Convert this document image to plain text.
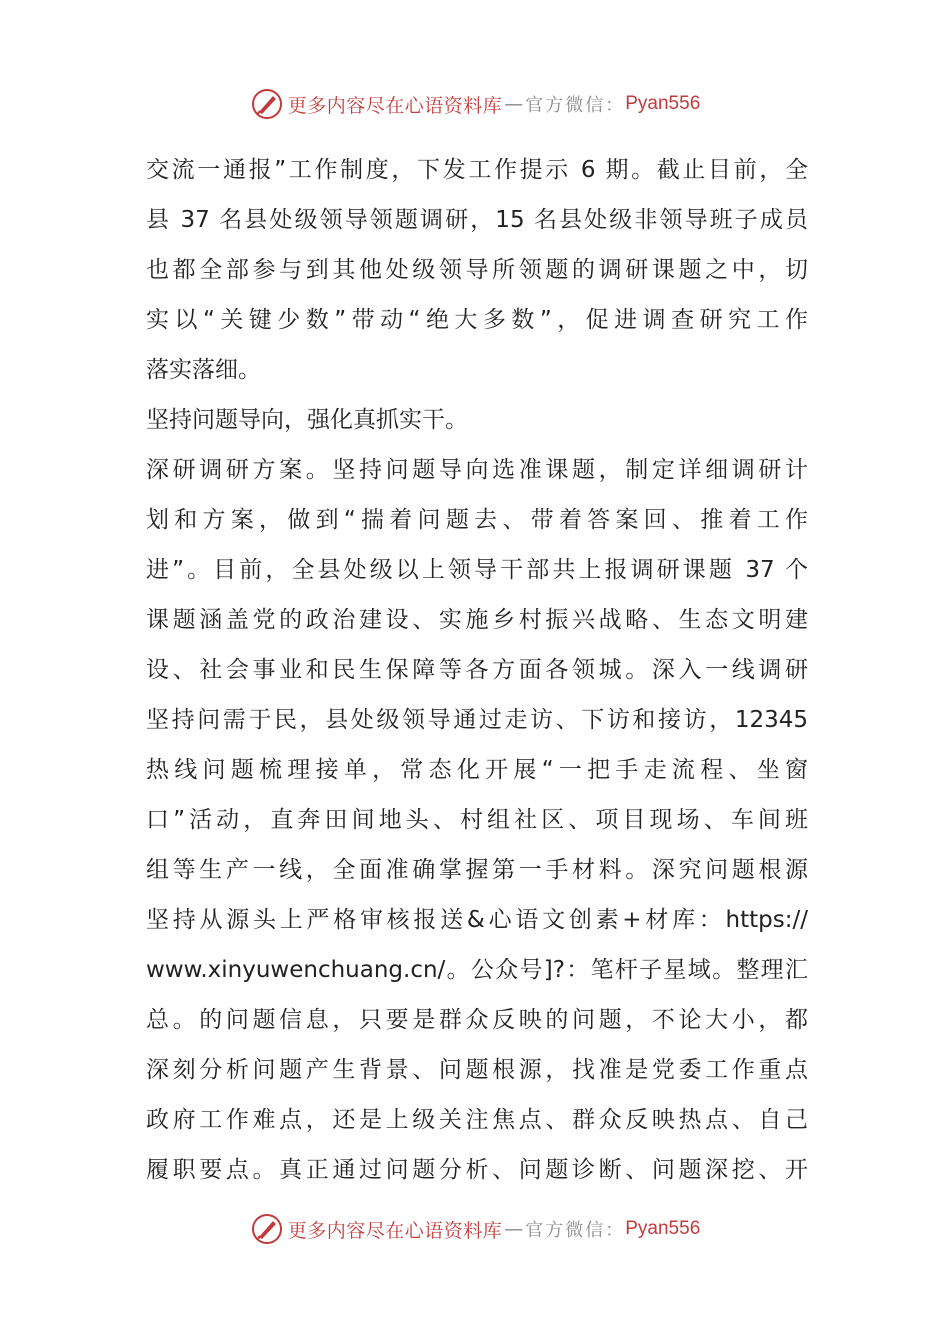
更多内容尽在心语资料库 — 官方微信： Pyan556
交流一通报”工作制度，下发工作提示 6 期。截止目前，全
县 37 名县处级领导领题调研，15 名县处级非领导班子成员
也都全部参与到其他处级领导所领题的调研课题之中，切
实以“关键少数”带动“绝大多数”，促进调查研究工作
落实落细。
坚持问题导向，强化真抓实干。
深研调研方案。坚持问题导向选准课题，制定详细调研计
划和方案，做到“揣着问题去、带着答案回、推着工作
进”。目前，全县处级以上领导干部共上报调研课题 37 个
课题涵盖党的政治建设、实施乡村振兴战略、生态文明建
设、社会事业和民生保障等各方面各领城。深入一线调研
坚持问需于民，县处级领导通过走访、下访和接访，12345
热线问题梳理接单，常态化开展“一把手走流程、坐窗
口”活动，直奔田间地头、村组社区、项目现场、车间班
组等生产一线，全面准确掌握第一手材料。深究问题根源
坚持从源头上严格审核报送&心语文创素+材库：https://
www.xinyuwenchuang.cn/。公众号]?：笔杆子星域。整理汇
总。的问题信息，只要是群众反映的问题，不论大小，都
深刻分析问题产生背景、问题根源，找准是党委工作重点
政府工作难点，还是上级关注焦点、群众反映热点、自己
履职要点。真正通过问题分析、问题诊断、问题深挖、开
更多内容尽在心语资料库 — 官方微信： Pyan556
